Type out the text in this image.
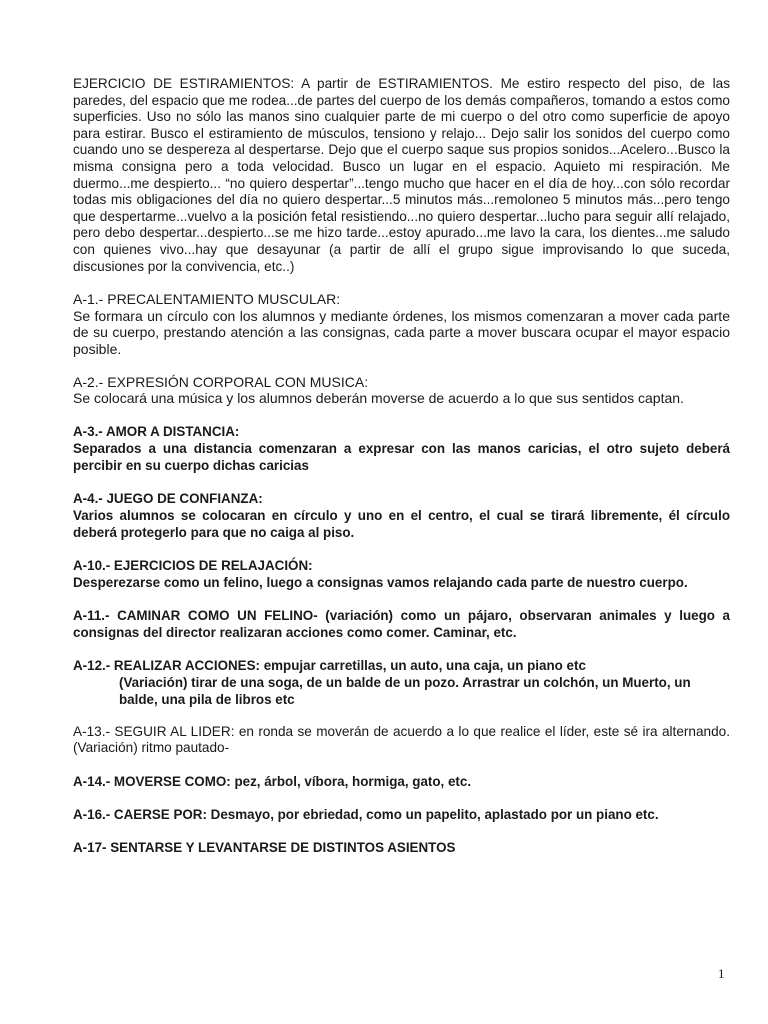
EJERCICIO DE ESTIRAMIENTOS: A partir de ESTIRAMIENTOS. Me estiro respecto del piso, de las paredes, del espacio que me rodea...de partes del cuerpo de los demás compañeros, tomando a estos como superficies. Uso no sólo las manos sino cualquier parte de mi cuerpo o del otro como superficie de apoyo para estirar. Busco el estiramiento de músculos, tensiono y relajo... Dejo salir los sonidos del cuerpo como cuando uno se despereza al despertarse. Dejo que el cuerpo saque sus propios sonidos...Acelero...Busco la misma consigna pero a toda velocidad. Busco un lugar en el espacio. Aquieto mi respiración. Me duermo...me despierto... “no quiero despertar”...tengo mucho que hacer en el día de hoy...con sólo recordar todas mis obligaciones del día no quiero despertar...5 minutos más...remoloneo 5 minutos más...pero tengo que despertarme...vuelvo a la posición fetal resistiendo...no quiero despertar...lucho para seguir allí relajado, pero debo despertar...despierto...se me hizo tarde...estoy apurado...me lavo la cara, los dientes...me saludo con quienes vivo...hay que desayunar (a partir de allí el grupo sigue improvisando lo que suceda, discusiones por la convivencia, etc..)

A-1.- PRECALENTAMIENTO MUSCULAR:
Se formara un círculo con los alumnos y mediante órdenes, los mismos comenzaran a mover cada parte de su cuerpo, prestando atención a las consignas, cada parte a mover buscara ocupar el mayor espacio posible.
A-2.- EXPRESIÓN CORPORAL CON MUSICA:
Se colocará una música y los alumnos deberán moverse de acuerdo a lo que sus sentidos captan.
A-3.- AMOR A DISTANCIA:
Separados a una distancia comenzaran a expresar con las manos caricias, el otro sujeto deberá percibir en su cuerpo dichas caricias
A-4.- JUEGO DE CONFIANZA:
Varios alumnos se colocaran en círculo y uno en el centro, el cual se tirará libremente, él círculo deberá protegerlo para que no caiga al piso.
A-10.- EJERCICIOS DE RELAJACIÓN:
Desperezarse como un felino, luego a consignas vamos relajando cada parte de nuestro cuerpo.
A-11.- CAMINAR COMO UN FELINO- (variación) como un pájaro, observaran animales y luego a consignas del director realizaran acciones como comer. Caminar, etc.
A-12.- REALIZAR ACCIONES: empujar carretillas, un auto, una caja, un piano etc
(Variación) tirar de una soga, de un balde de un pozo. Arrastrar un colchón, un Muerto, un balde, una pila de libros etc

A-13.- SEGUIR AL LIDER: en ronda se moverán de acuerdo a lo que realice el líder, este sé ira alternando. (Variación) ritmo pautado-

A-14.- MOVERSE COMO: pez, árbol, víbora, hormiga, gato, etc.
A-16.- CAERSE POR: Desmayo, por ebriedad, como un papelito, aplastado por un piano etc.
A-17- SENTARSE Y LEVANTARSE DE DISTINTOS ASIENTOS
1
